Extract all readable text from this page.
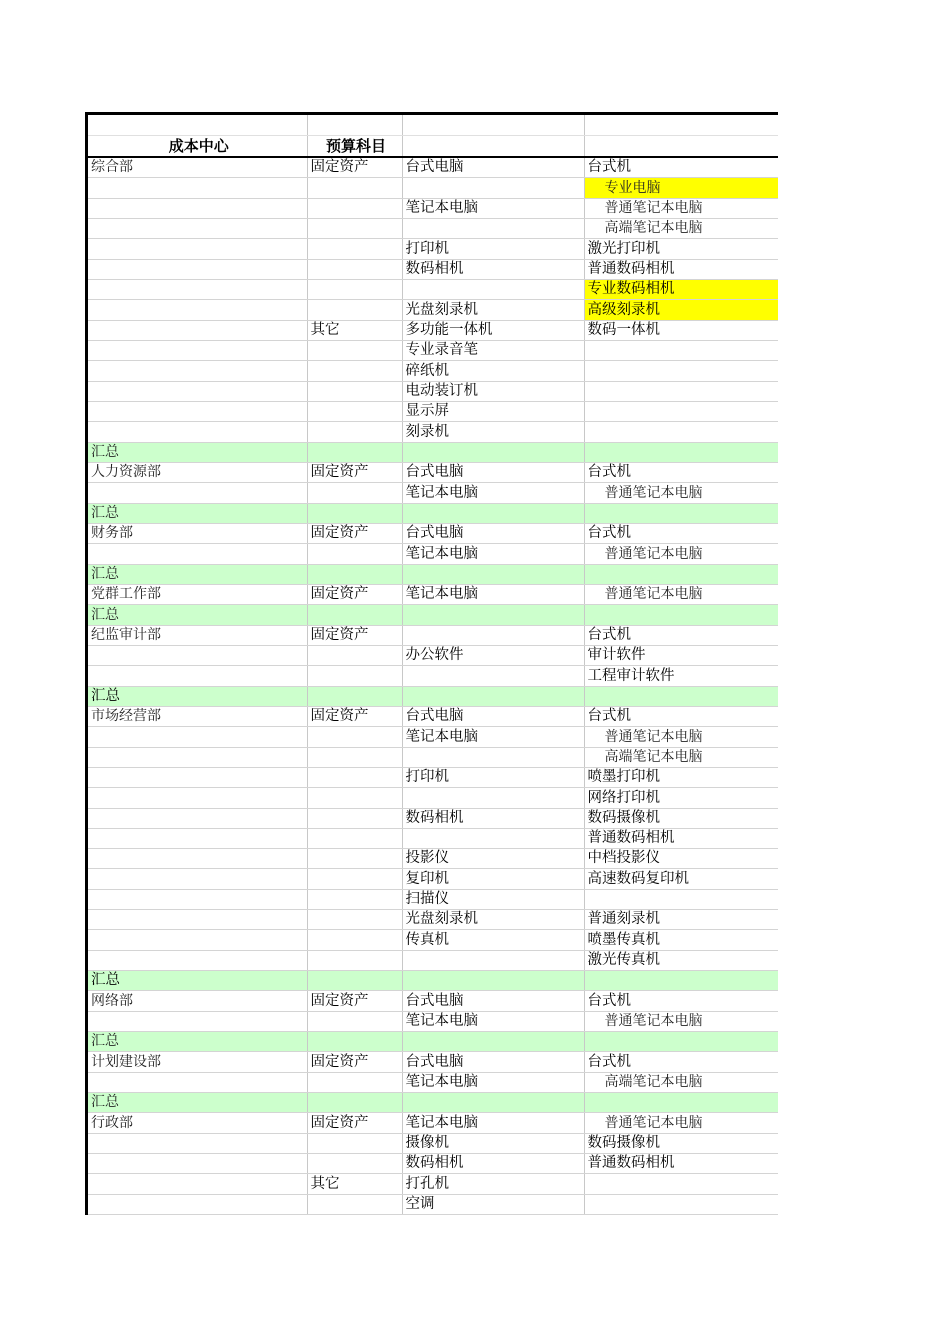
成本中心	预算科目		
综合部	固定资产	台式电脑	台式机
			专业电脑
		笔记本电脑	普通笔记本电脑
			高端笔记本电脑
		打印机	激光打印机
		数码相机	普通数码相机
			专业数码相机
		光盘刻录机	高级刻录机
	其它	多功能一体机	数码一体机
		专业录音笔	
		碎纸机	
		电动装订机	
		显示屏	
		刻录机	
汇总			
人力资源部	固定资产	台式电脑	台式机
		笔记本电脑	普通笔记本电脑
汇总			
财务部	固定资产	台式电脑	台式机
		笔记本电脑	普通笔记本电脑
汇总			
党群工作部	固定资产	笔记本电脑	普通笔记本电脑
汇总			
纪监审计部	固定资产		台式机
		办公软件	审计软件
			工程审计软件
汇总			
市场经营部	固定资产	台式电脑	台式机
		笔记本电脑	普通笔记本电脑
			高端笔记本电脑
		打印机	喷墨打印机
			网络打印机
		数码相机	数码摄像机
			普通数码相机
		投影仪	中档投影仪
		复印机	高速数码复印机
		扫描仪	
		光盘刻录机	普通刻录机
		传真机	喷墨传真机
			激光传真机
汇总			
网络部	固定资产	台式电脑	台式机
		笔记本电脑	普通笔记本电脑
汇总			
计划建设部	固定资产	台式电脑	台式机
		笔记本电脑	高端笔记本电脑
汇总			
行政部	固定资产	笔记本电脑	普通笔记本电脑
		摄像机	数码摄像机
		数码相机	普通数码相机
	其它	打孔机	
		空调	
